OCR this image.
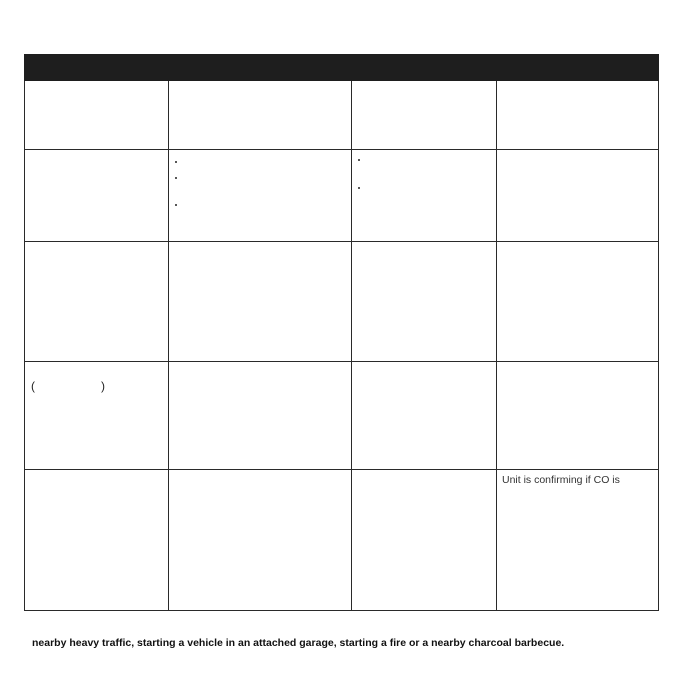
(	)
Unit is confirming if CO is
nearby heavy traffic, starting a vehicle in an attached garage, starting a fire or a nearby charcoal barbecue.
